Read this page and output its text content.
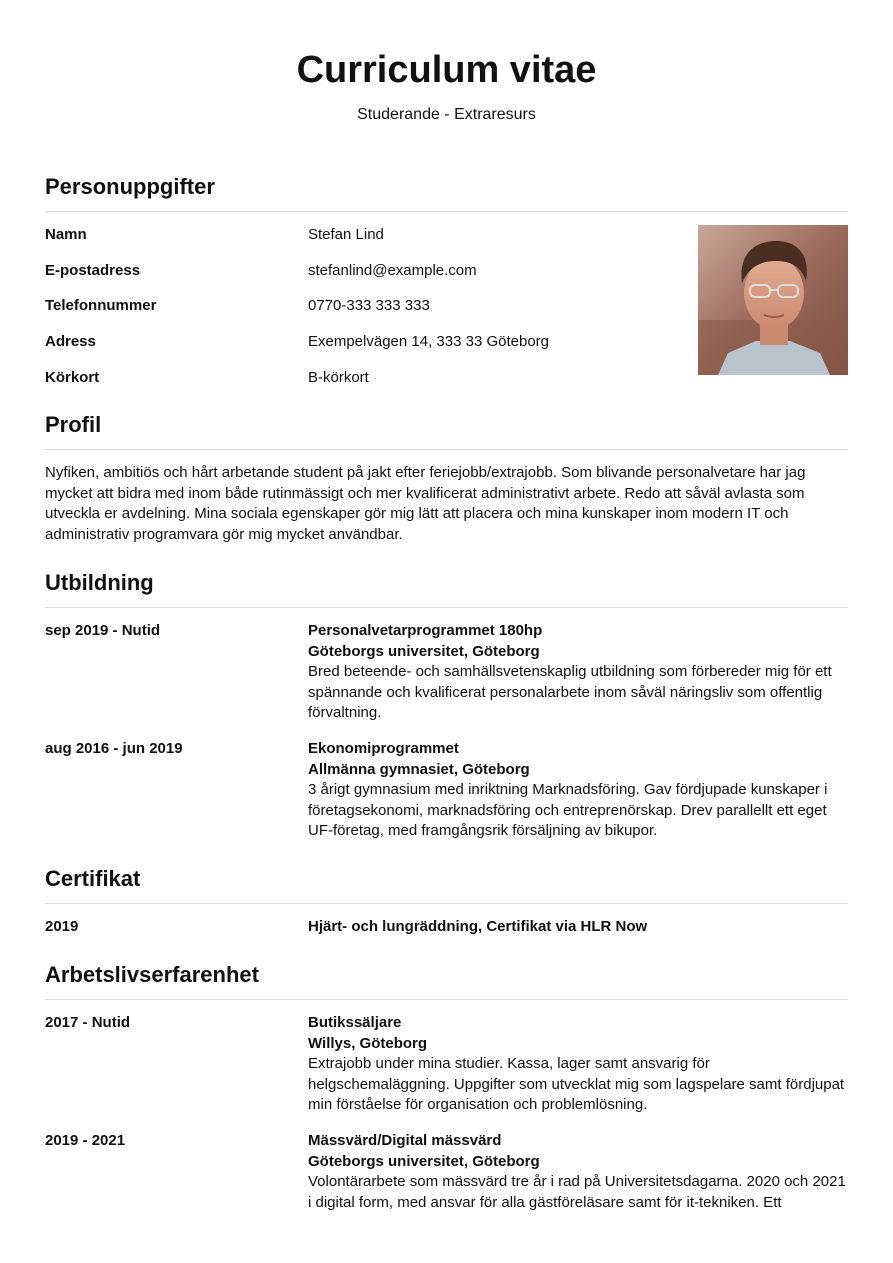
Curriculum vitae
Studerande - Extraresurs
Personuppgifter
Namn	Stefan Lind
E-postadress	stefanlind@example.com
Telefonnummer	0770-333 333 333
Adress	Exempelvägen 14, 333 33 Göteborg
Körkort	B-körkort
Profil
Nyfiken, ambitiös och hårt arbetande student på jakt efter feriejobb/extrajobb. Som blivande personalvetare har jag mycket att bidra med inom både rutinmässigt och mer kvalificerat administrativt arbete. Redo att såväl avlasta som utveckla er avdelning. Mina sociala egenskaper gör mig lätt att placera och mina kunskaper inom modern IT och administrativ programvara gör mig mycket användbar.
Utbildning
sep 2019 - Nutid	Personalvetarprogrammet 180hp
Göteborgs universitet, Göteborg
Bred beteende- och samhällsvetenskaplig utbildning som förbereder mig för ett spännande och kvalificerat personalarbete inom såväl näringsliv som offentlig förvaltning.
aug 2016 - jun 2019	Ekonomiprogrammet
Allmänna gymnasiet, Göteborg
3 årigt gymnasium med inriktning Marknadsföring. Gav fördjupade kunskaper i företagsekonomi, marknadsföring och entreprenörskap. Drev parallellt ett eget UF-företag, med framgångsrik försäljning av bikupor.
Certifikat
2019	Hjärt- och lungräddning, Certifikat via HLR Now
Arbetslivserfarenhet
2017 - Nutid	Butikssäljare
Willys, Göteborg
Extrajobb under mina studier. Kassa, lager samt ansvarig för helgschemaläggning. Uppgifter som utvecklat mig som lagspelare samt fördjupat min förståelse för organisation och problemlösning.
2019 - 2021	Mässvärd/Digital mässvärd
Göteborgs universitet, Göteborg
Volontärarbete som mässvärd tre år i rad på Universitetsdagarna. 2020 och 2021 i digital form, med ansvar för alla gästföreläsare samt för it-tekniken. Ett
